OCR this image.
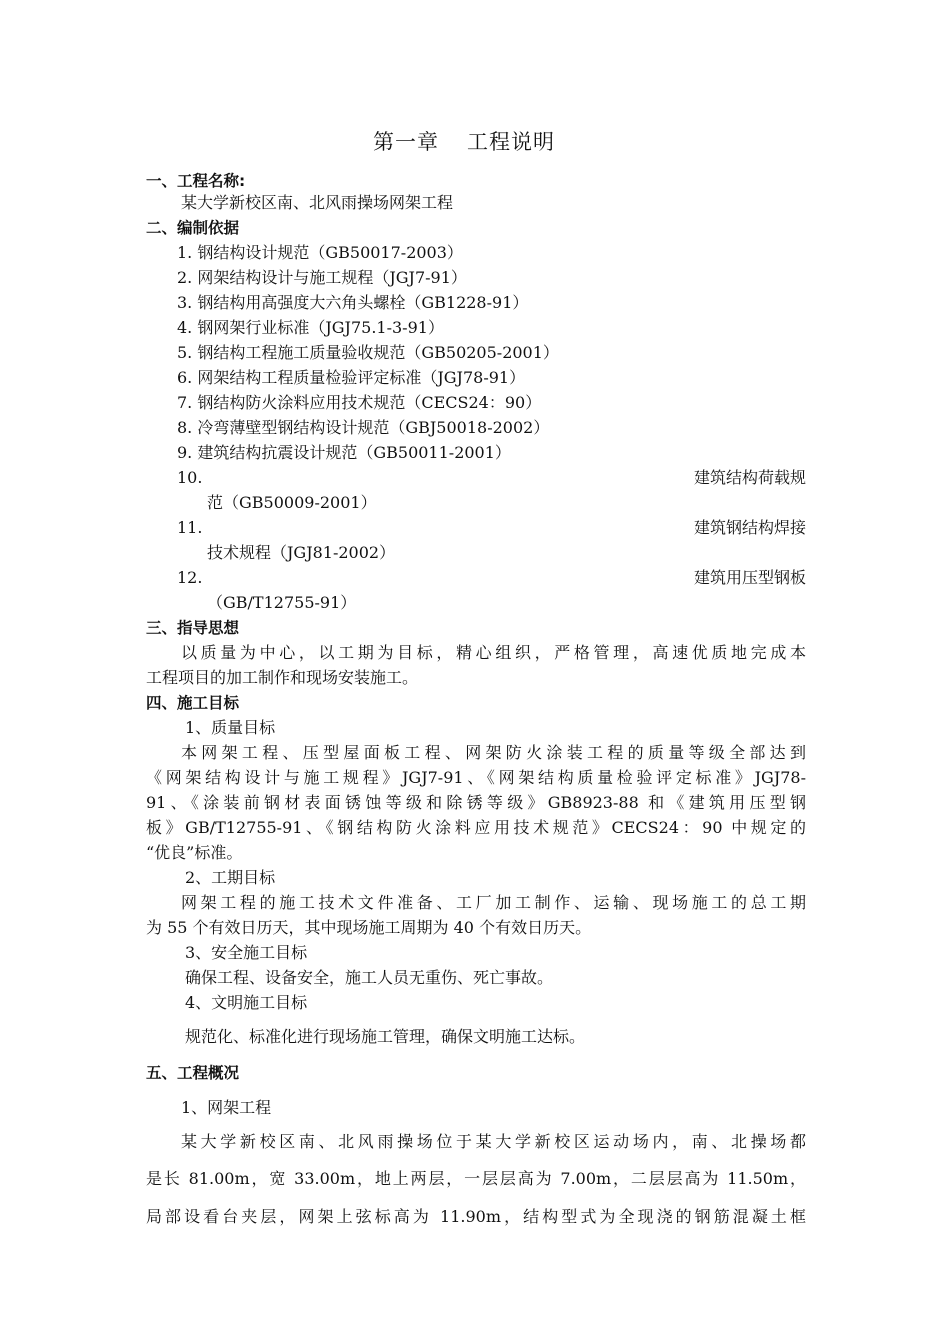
第一章 工程说明
一、工程名称:
某大学新校区南、北风雨操场网架工程
二、编制依据
1. 钢结构设计规范（GB50017-2003）
2. 网架结构设计与施工规程（JGJ7-91）
3. 钢结构用高强度大六角头螺栓（GB1228-91）
4. 钢网架行业标准（JGJ75.1-3-91）
5. 钢结构工程施工质量验收规范（GB50205-2001）
6. 网架结构工程质量检验评定标准（JGJ78-91）
7. 钢结构防火涂料应用技术规范（CECS24：90）
8. 冷弯薄壁型钢结构设计规范（GBJ50018-2002）
9. 建筑结构抗震设计规范（GB50011-2001）
10.	建筑结构荷载规
范（GB50009-2001）
11.	建筑钢结构焊接
技术规程（JGJ81-2002）
12.	建筑用压型钢板
（GB/T12755-91）
三、指导思想
以质量为中心，以工期为目标，精心组织，严格管理，高速优质地完成本
工程项目的加工制作和现场安装施工。
四、施工目标
1、质量目标
本网架工程、压型屋面板工程、网架防火涂装工程的质量等级全部达到
《网架结构设计与施工规程》JGJ7-91、《网架结构质量检验评定标准》JGJ78-
91、《涂装前钢材表面锈蚀等级和除锈等级》GB8923-88 和《建筑用压型钢
板》GB/T12755-91、《钢结构防火涂料应用技术规范》CECS24：90 中规定的
“优良”标准。
2、工期目标
网架工程的施工技术文件准备、工厂加工制作、运输、现场施工的总工期
为 55 个有效日历天，其中现场施工周期为 40 个有效日历天。
3、安全施工目标
确保工程、设备安全，施工人员无重伤、死亡事故。
4、文明施工目标
规范化、标准化进行现场施工管理，确保文明施工达标。
五、工程概况
1、网架工程
某大学新校区南、北风雨操场位于某大学新校区运动场内，南、北操场都
是长 81.00m，宽 33.00m，地上两层，一层层高为 7.00m，二层层高为 11.50m，
局部设看台夹层，网架上弦标高为 11.90m，结构型式为全现浇的钢筋混凝土框
